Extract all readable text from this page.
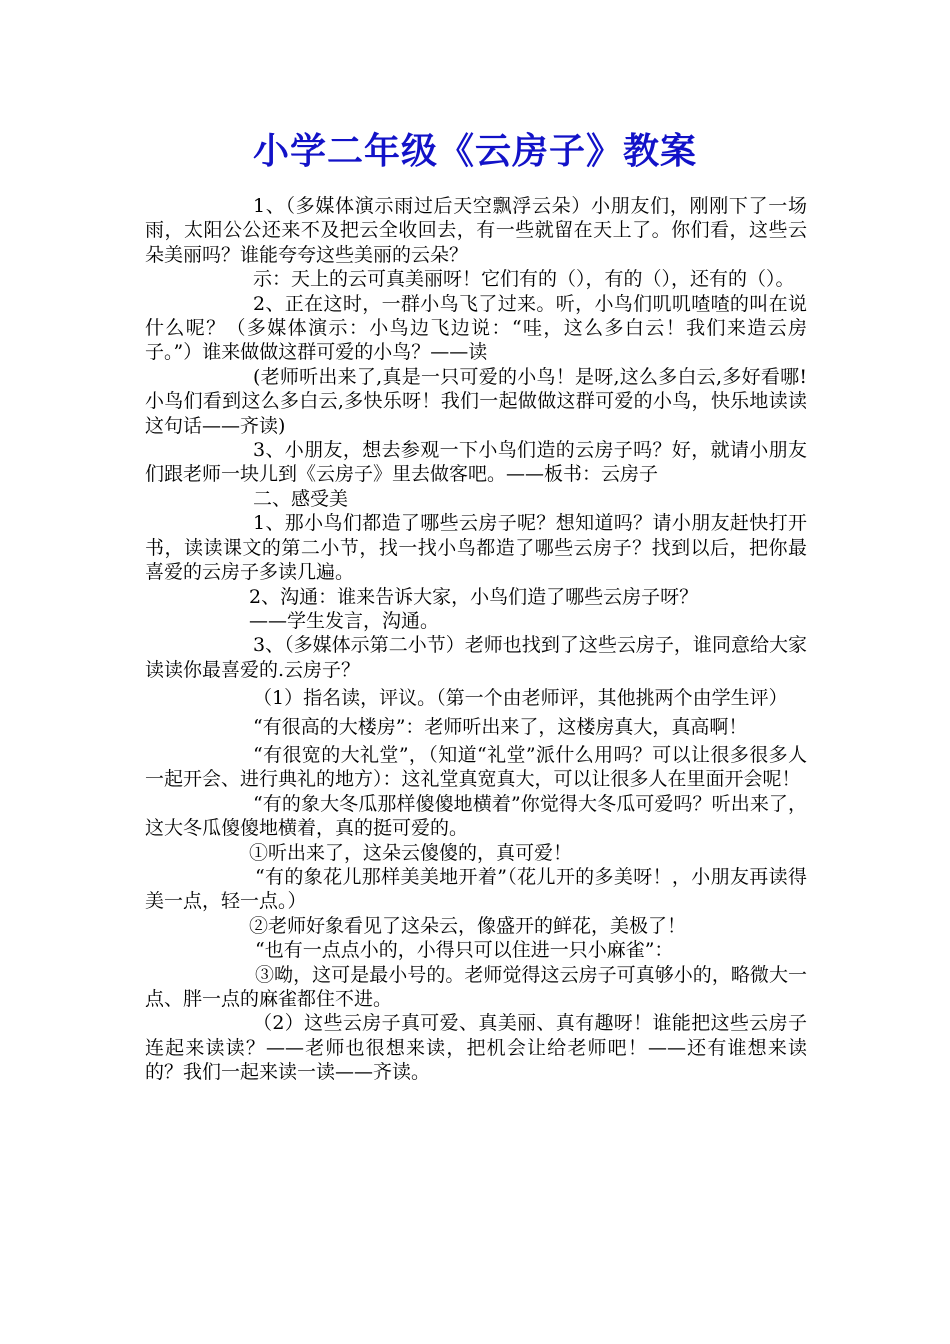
小学二年级《云房子》教案

1、（多媒体演示雨过后天空飘浮云朵）小朋友们，刚刚下了一场雨，太阳公公还来不及把云全收回去，有一些就留在天上了。你们看，这些云朵美丽吗？谁能夸夸这些美丽的云朵？

示：天上的云可真美丽呀！它们有的（），有的（），还有的（）。

2、正在这时，一群小鸟飞了过来。听，小鸟们叽叽喳喳的叫在说什么呢？（多媒体演示：小鸟边飞边说：“哇，这么多白云！我们来造云房子。”）谁来做做这群可爱的小鸟？——读

(老师听出来了,真是一只可爱的小鸟！是呀,这么多白云,多好看哪!小鸟们看到这么多白云,多快乐呀！我们一起做做这群可爱的小鸟，快乐地读读这句话——齐读)

3、小朋友，想去参观一下小鸟们造的云房子吗？好，就请小朋友们跟老师一块儿到《云房子》里去做客吧。——板书：云房子

二、感受美

1、那小鸟们都造了哪些云房子呢？想知道吗？请小朋友赶快打开书，读读课文的第二小节，找一找小鸟都造了哪些云房子？找到以后，把你最喜爱的云房子多读几遍。

2、沟通：谁来告诉大家，小鸟们造了哪些云房子呀？

——学生发言，沟通。

3、（多媒体示第二小节）老师也找到了这些云房子，谁同意给大家读读你最喜爱的.云房子？

（1）指名读，评议。（第一个由老师评，其他挑两个由学生评）

“有很高的大楼房”：老师听出来了，这楼房真大，真高啊！

“有很宽的大礼堂”，（知道“礼堂”派什么用吗？可以让很多很多人一起开会、进行典礼的地方）：这礼堂真宽真大，可以让很多人在里面开会呢！

“有的象大冬瓜那样傻傻地横着”你觉得大冬瓜可爱吗？听出来了，这大冬瓜傻傻地横着，真的挺可爱的。

①听出来了，这朵云傻傻的，真可爱！

“有的象花儿那样美美地开着”（花儿开的多美呀！，小朋友再读得美一点，轻一点。）

②老师好象看见了这朵云，像盛开的鲜花，美极了！

“也有一点点小的，小得只可以住进一只小麻雀”：

③呦，这可是最小号的。老师觉得这云房子可真够小的，略微大一点、胖一点的麻雀都住不进。

（2）这些云房子真可爱、真美丽、真有趣呀！谁能把这些云房子连起来读读？——老师也很想来读，把机会让给老师吧！——还有谁想来读的？我们一起来读一读——齐读。
